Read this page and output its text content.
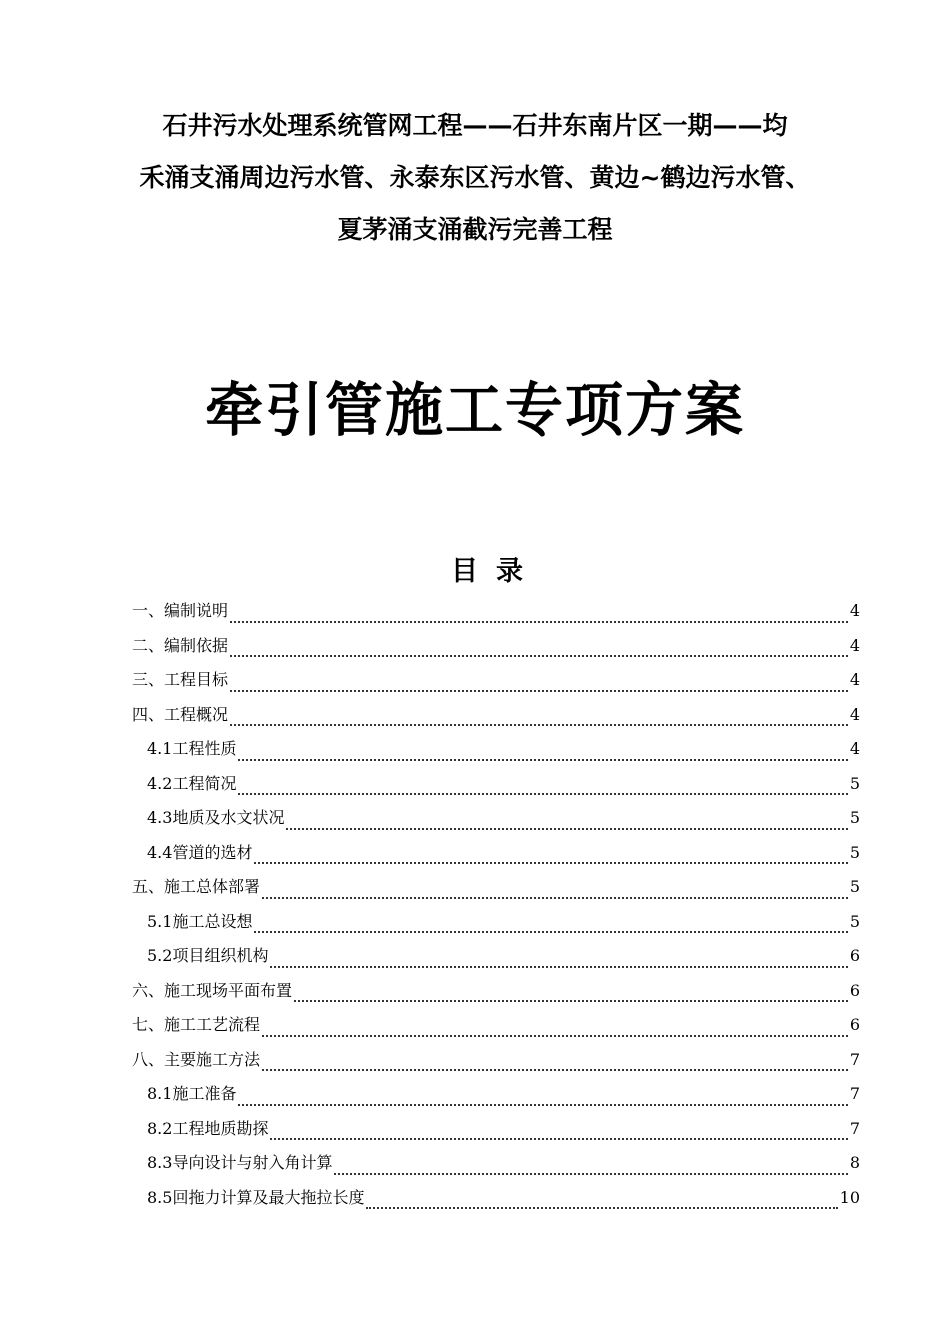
石井污水处理系统管网工程——石井东南片区一期——均
禾涌支涌周边污水管、永泰东区污水管、黄边~鹤边污水管、
夏茅涌支涌截污完善工程
牵引管施工专项方案
目录
一、 编制说明	4
二、 编制依据	4
三、 工程目标	4
四、 工程概况	4
4.1 工程性质	4
4.2 工程简况	5
4.3 地质及水文状况	5
4.4 管道的选材	5
五、 施工总体部署	5
5.1 施工总设想	5
5.2 项目组织机构	6
六、 施工现场平面布置	6
七、 施工工艺流程	6
八、 主要施工方法	7
8.1 施工准备	7
8.2 工程地质勘探	7
8.3 导向设计与射入角计算	8
8.5 回拖力计算及最大拖拉长度	10
